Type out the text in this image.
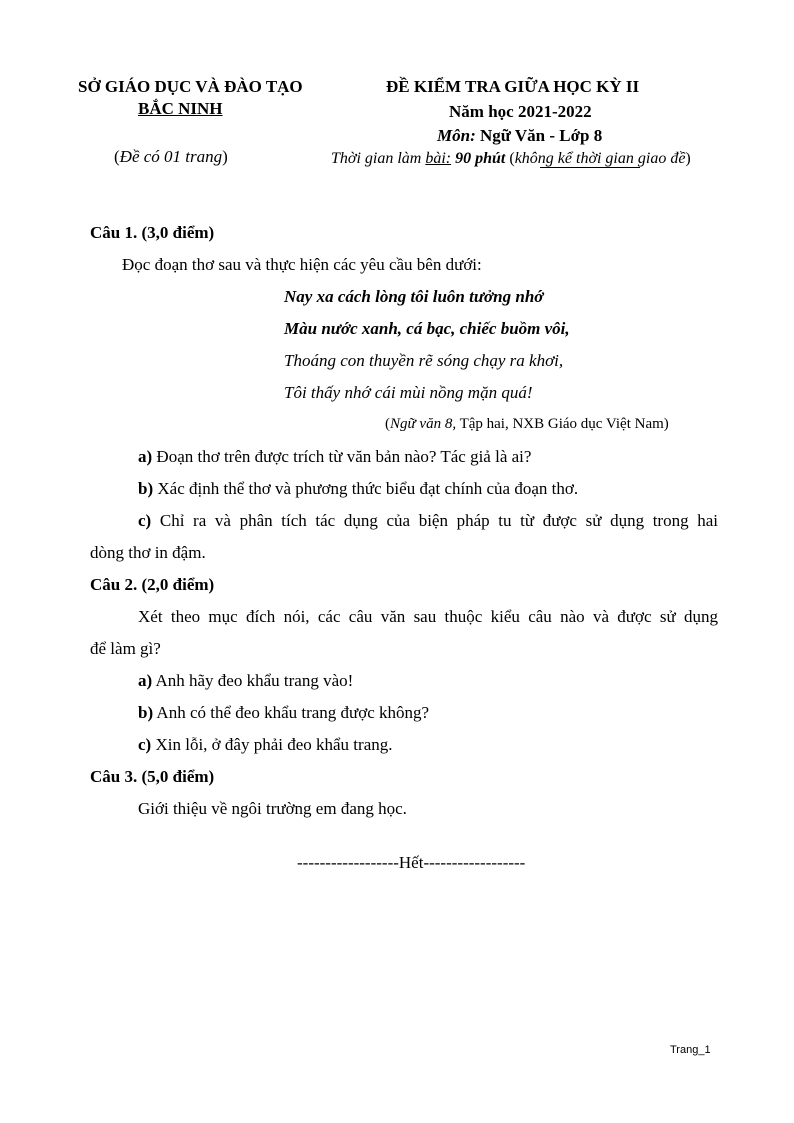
SỞ GIÁO DỤC VÀ ĐÀO TẠO
BẮC NINH
(Đề có 01 trang)
ĐỀ KIỂM TRA GIỮA HỌC KỲ II
Năm học 2021-2022
Môn: Ngữ Văn - Lớp 8
Thời gian làm bài: 90 phút (không kể thời gian giao đề)
Câu 1. (3,0 điểm)
Đọc đoạn thơ sau và thực hiện các yêu cầu bên dưới:
Nay xa cách lòng tôi luôn tưởng nhớ
Màu nước xanh, cá bạc, chiếc buồm vôi,
Thoáng con thuyền rẽ sóng chạy ra khơi,
Tôi thấy nhớ cái mùi nồng mặn quá!
(Ngữ văn 8, Tập hai, NXB Giáo dục Việt Nam)
a) Đoạn thơ trên được trích từ văn bản nào? Tác giả là ai?
b) Xác định thể thơ và phương thức biểu đạt chính của đoạn thơ.
c) Chỉ ra và phân tích tác dụng của biện pháp tu từ được sử dụng trong hai
dòng thơ in đậm.
Câu 2. (2,0 điểm)
Xét theo mục đích nói, các câu văn sau thuộc kiểu câu nào và được sử dụng
để làm gì?
a) Anh hãy đeo khẩu trang vào!
b) Anh có thể đeo khẩu trang được không?
c) Xin lỗi, ở đây phải đeo khẩu trang.
Câu 3. (5,0 điểm)
Giới thiệu về ngôi trường em đang học.
------------------Hết------------------
Trang_1
